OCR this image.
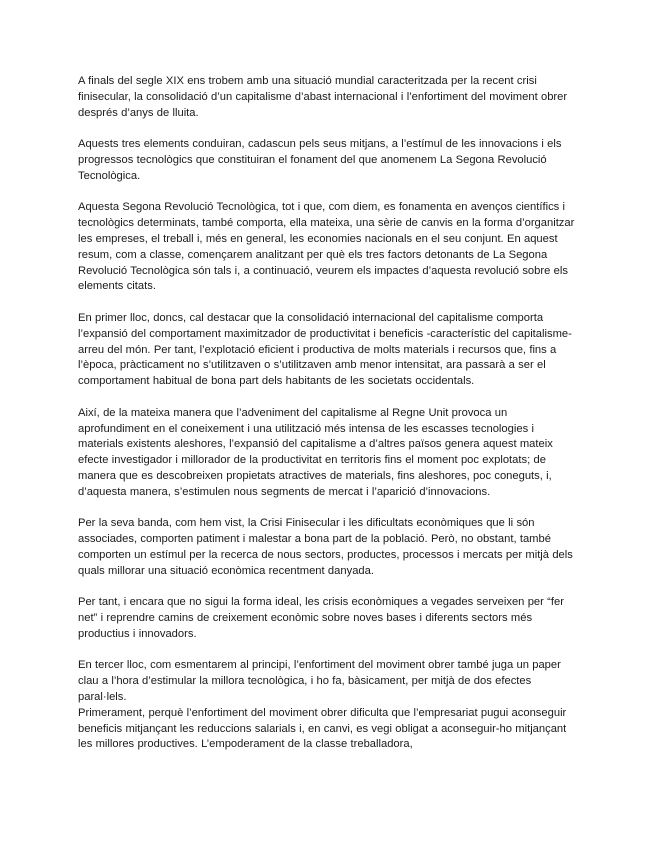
A finals del segle XIX ens trobem amb una situació mundial caracteritzada per la recent crisi finisecular, la consolidació d’un capitalisme d’abast internacional i l’enfortiment del moviment obrer després d’anys de lluita.

Aquests tres elements conduiran, cadascun pels seus mitjans, a l’estímul de les innovacions i els progressos tecnològics que constituiran el fonament del que anomenem La Segona Revolució Tecnològica.

Aquesta Segona Revolució Tecnològica, tot i que, com diem, es fonamenta en avenços científics i tecnològics determinats, també comporta, ella mateixa, una sèrie de canvis en la forma d’organitzar les empreses, el treball i, més en general, les economies nacionals en el seu conjunt. En aquest resum, com a classe, començarem analitzant per què els tres factors detonants de La Segona Revolució Tecnològica són tals i, a continuació, veurem els impactes d’aquesta revolució sobre els elements citats.

En primer lloc, doncs, cal destacar que la consolidació internacional del capitalisme comporta l’expansió del comportament maximitzador de productivitat i beneficis -característic del capitalisme- arreu del món. Per tant, l’explotació eficient i productiva de molts materials i recursos que, fins a l’època, pràcticament no s’utilitzaven o s’utilitzaven amb menor intensitat, ara passarà a ser el comportament habitual de bona part dels habitants de les societats occidentals.

Així, de la mateixa manera que l’adveniment del capitalisme al Regne Unit provoca un aprofundiment en el coneixement i una utilització més intensa de les escasses tecnologies i materials existents aleshores, l’expansió del capitalisme a d’altres països genera aquest mateix efecte investigador i millorador de la productivitat en territoris fins el moment poc explotats; de manera que es descobreixen propietats atractives de materials, fins aleshores, poc coneguts, i, d’aquesta manera, s’estimulen nous segments de mercat i l’aparició d’innovacions.

Per la seva banda, com hem vist, la Crisi Finisecular i les dificultats econòmiques que li són associades, comporten patiment i malestar a bona part de la població. Però, no obstant, també comporten un estímul per la recerca de nous sectors, productes, processos i mercats per mitjà dels quals millorar una situació econòmica recentment danyada.

Per tant, i encara que no sigui la forma ideal, les crisis econòmiques a vegades serveixen per “fer net” i reprendre camins de creixement econòmic sobre noves bases i diferents sectors més productius i innovadors.

En tercer lloc, com esmentarem al principi, l’enfortiment del moviment obrer també juga un paper clau a l’hora d’estimular la millora tecnològica, i ho fa, bàsicament, per mitjà de dos efectes paral·lels.

Primerament, perquè l’enfortiment del moviment obrer dificulta que l’empresariat pugui aconseguir beneficis mitjançant les reduccions salarials i, en canvi, es vegi obligat a aconseguir-ho mitjançant les millores productives. L’empoderament de la classe treballadora,
